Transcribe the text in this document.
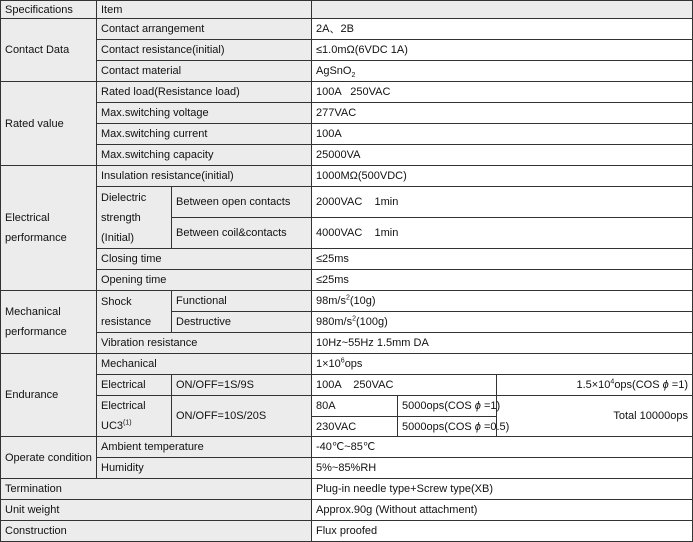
Specifications	Item				
Contact Data	Contact arrangement		2A、2B		
	Contact resistance(initial)		≤1.0mΩ(6VDC 1A)		
	Contact material		AgSnO$_2$
Rated value	Rated load(Resistance load)		100A   250VAC		
	Max.switching voltage		277VAC		
	Max.switching current		100A		
	Max.switching capacity		25000VA		
Electrical performance	Insulation resistance(initial)		1000MΩ(500VDC)		
	Dielectric strength (Initial)	Between open contacts	2000VAC    1min		
		Between coil&contacts	4000VAC    1min		
	Closing time		≤25ms		
	Opening time		≤25ms		
Mechanical performance	Shock resistance	Functional	$98m/s^2(10g)$		
		Destructive	$980m/s^2(100g)$		
	Vibration resistance		10Hz~55Hz 1.5mm DA		
Endurance	Mechanical		$1\times 10^6ops$		
	Electrical	ON/OFF=1S/9S	100A    250VAC		$1.5\times 10^4ops(COS$ ϕ =1)
	Electrical UC3$^{(1)}$	ON/OFF=10S/20S	80A	5000ops(COS ϕ =1)	Total 10000ops
			230VAC	5000ops(COS ϕ =0.5)	

Operate condition	Ambient temperature		-40℃~85℃		
	Humidity		5%~85%RH		
Termination			Plug-in needle type+Screw type(XB)		
Unit weight			Approx.90g (Without attachment)		
Construction			Flux proofed		
